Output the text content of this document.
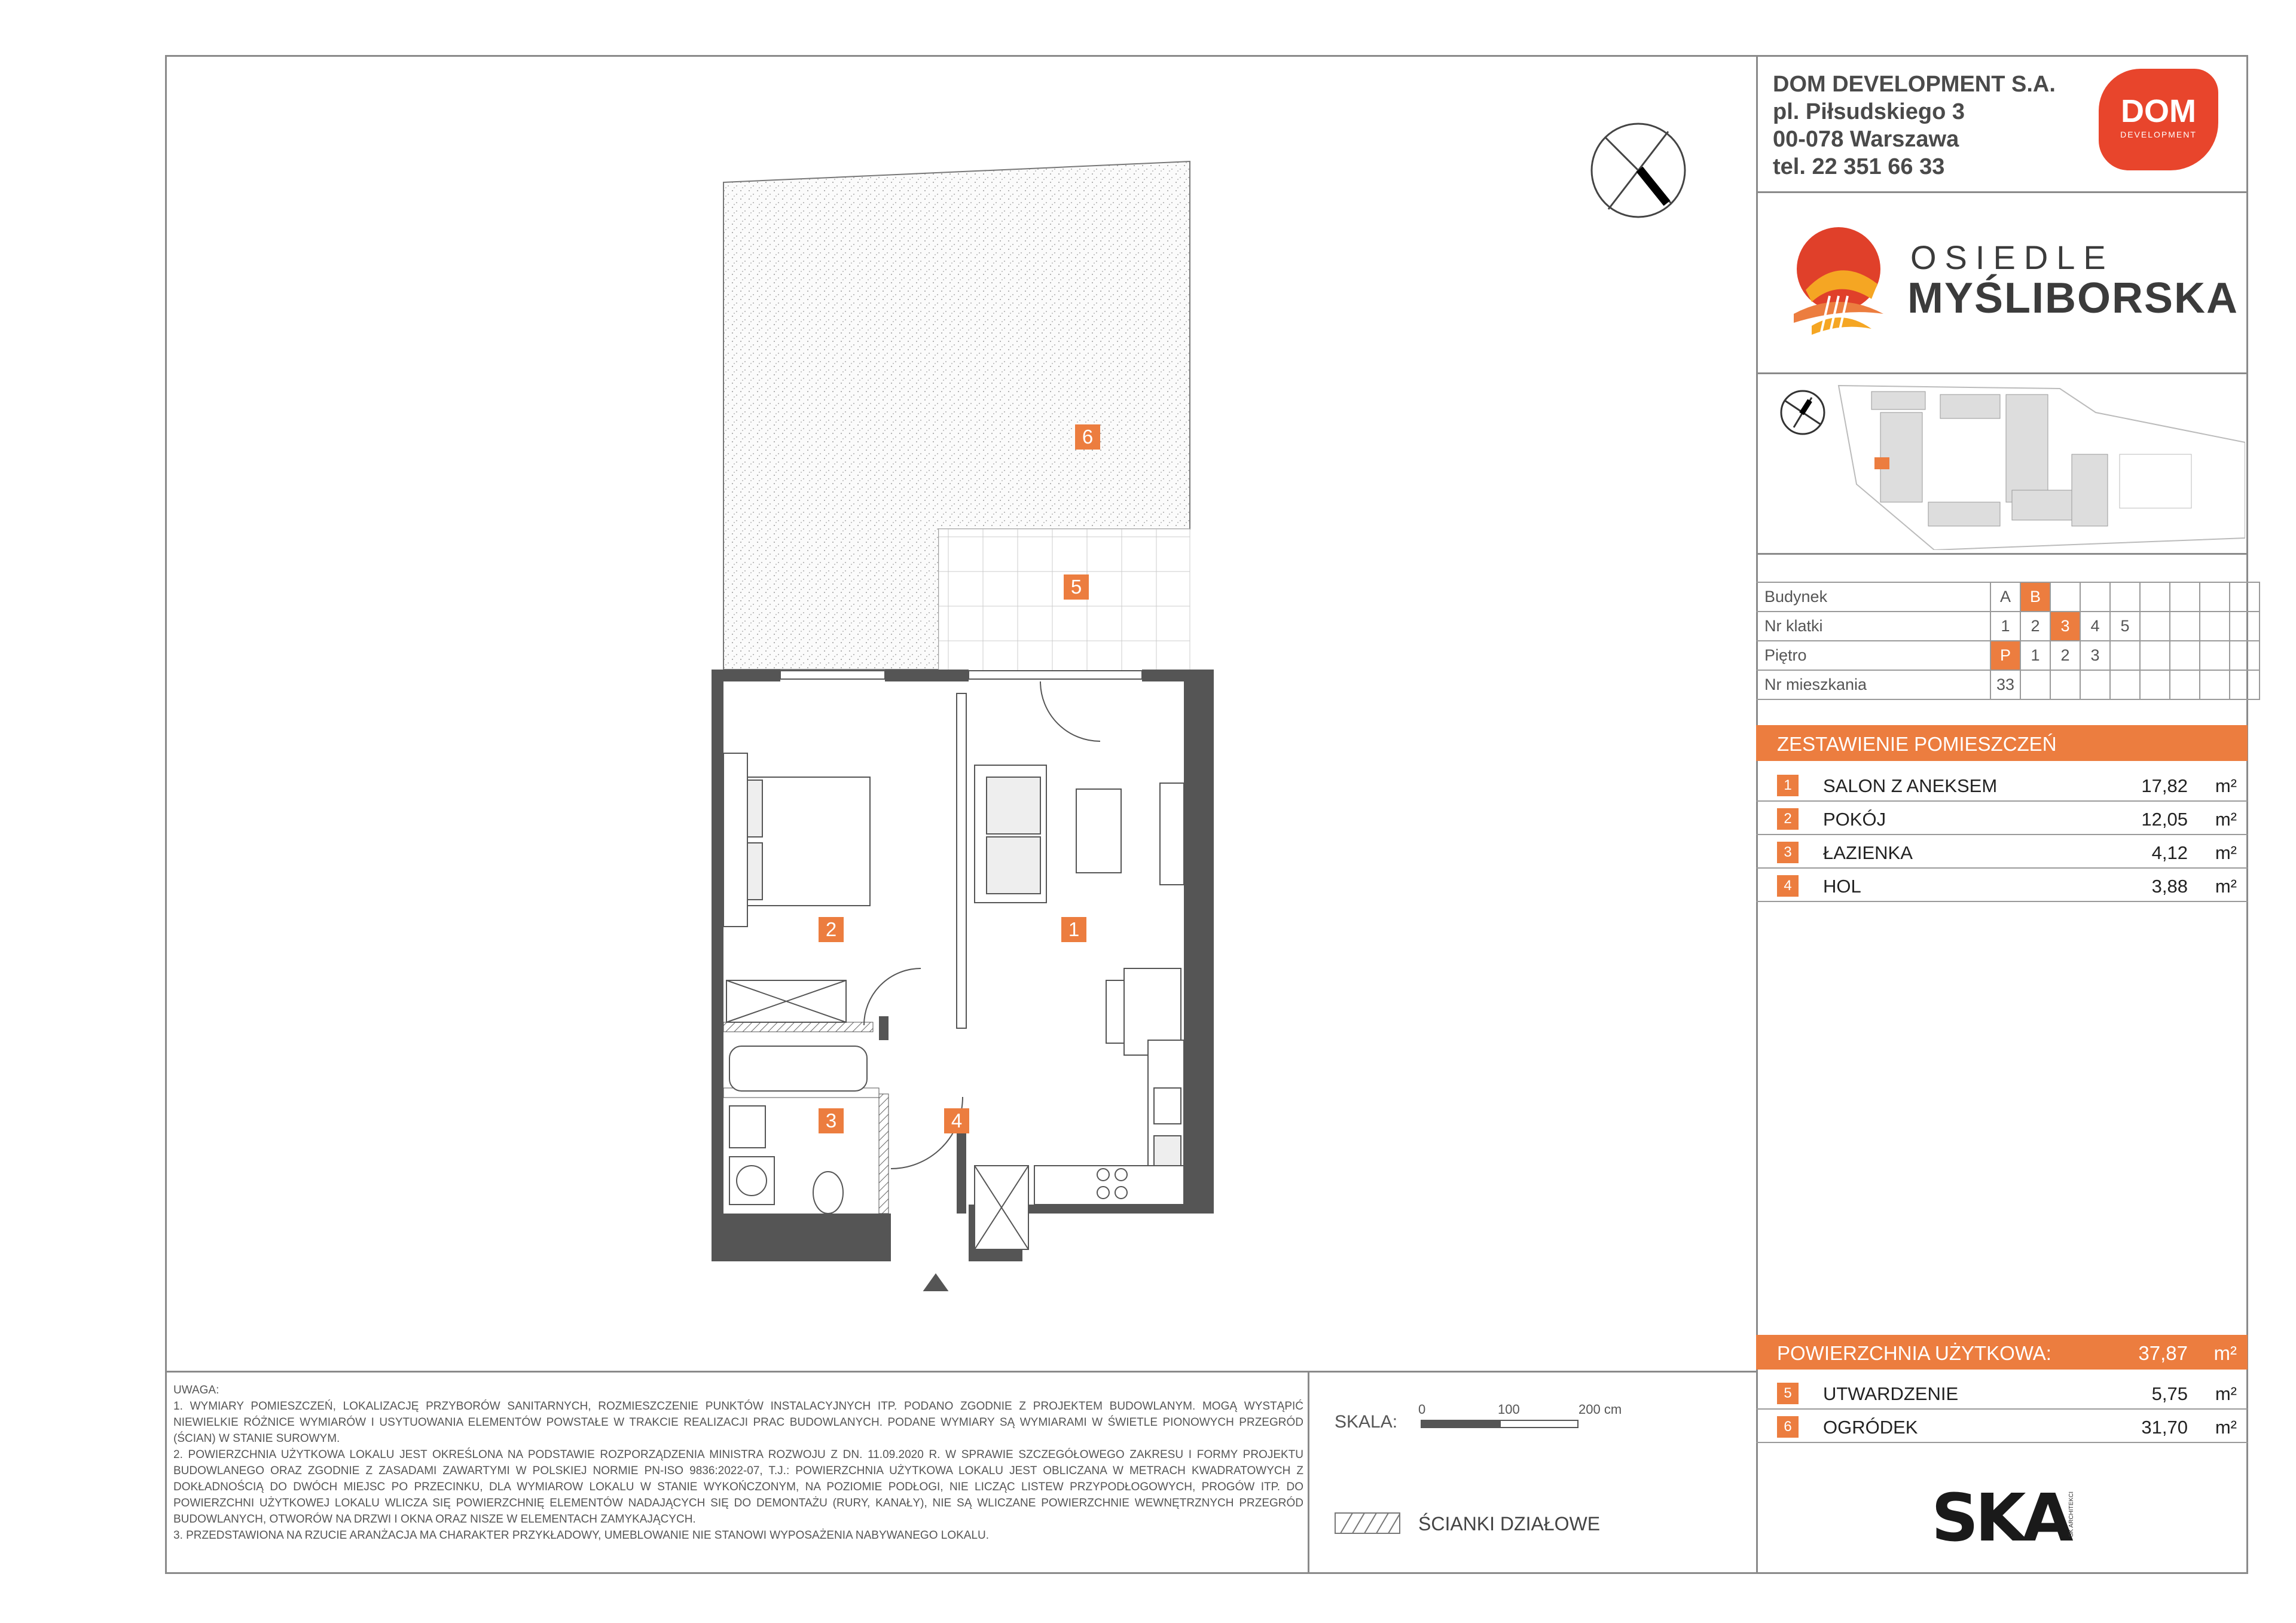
DOM DEVELOPMENT S.A.
pl. Piłsudskiego 3
00-078 Warszawa
tel. 22 351 66 33
DOM
DEVELOPMENT
OSIEDLE
MYŚLIBORSKA
Budynek	A	B							
Nr klatki	1	2	3	4	5				
Piętro	P	1	2	3					
Nr mieszkania	33								
ZESTAWIENIE POMIESZCZEŃ
1	SALON Z ANEKSEM	17,82 m²
2	POKÓJ	12,05 m²
3	ŁAZIENKA	4,12 m²
4	HOL	3,88 m²
POWIERZCHNIA UŻYTKOWA:	37,87 m²
5	UTWARDZENIE	5,75 m²
6	OGRÓDEK	31,70 m²
SKA
SK ARCHITEKCI
UWAGA:
1. WYMIARY POMIESZCZEŃ, LOKALIZACJĘ PRZYBORÓW SANITARNYCH, ROZMIESZCZENIE PUNKTÓW INSTALACYJNYCH ITP. PODANO ZGODNIE Z PROJEKTEM BUDOWLANYM. MOGĄ WYSTĄPIĆ NIEWIELKIE RÓŻNICE WYMIARÓW I USYTUOWANIA ELEMENTÓW POWSTAŁE W TRAKCIE REALIZACJI PRAC BUDOWLANYCH. PODANE WYMIARY SĄ WYMIARAMI W ŚWIETLE PIONOWYCH PRZEGRÓD (ŚCIAN) W STANIE SUROWYM.
2. POWIERZCHNIA UŻYTKOWA LOKALU JEST OKREŚLONA NA PODSTAWIE ROZPORZĄDZENIA MINISTRA ROZWOJU Z DN. 11.09.2020 R. W SPRAWIE SZCZEGÓŁOWEGO ZAKRESU I FORMY PROJEKTU BUDOWLANEGO ORAZ ZGODNIE Z ZASADAMI ZAWARTYMI W POLSKIEJ NORMIE PN-ISO 9836:2022-07, T.J.: POWIERZCHNIA UŻYTKOWA LOKALU JEST OBLICZANA W METRACH KWADRATOWYCH Z DOKŁADNOŚCIĄ DO DWÓCH MIEJSC PO PRZECINKU, DLA WYMIAROW LOKALU W STANIE WYKOŃCZONYM, NA POZIOMIE PODŁOGI, NIE LICZĄC LISTEW PRZYPODŁOGOWYCH, PROGÓW ITP. DO POWIERZCHNI UŻYTKOWEJ LOKALU WLICZA SIĘ POWIERZCHNIĘ ELEMENTÓW NADAJĄCYCH SIĘ DO DEMONTAŻU (RURY, KANAŁY), NIE SĄ WLICZANE POWIERZCHNIE WEWNĘTRZNYCH PRZEGRÓD BUDOWLANYCH, OTWORÓW NA DRZWI I OKNA ORAZ NISZE W ELEMENTACH ZAMYKAJĄCYCH.
3. PRZEDSTAWIONA NA RZUCIE ARANŻACJA MA CHARAKTER PRZYKŁADOWY, UMEBLOWANIE NIE STANOWI WYPOSAŻENIA NABYWANEGO LOKALU.
SKALA:
0	100	200 cm
ŚCIANKI DZIAŁOWE
1
2
3	4
5
6
